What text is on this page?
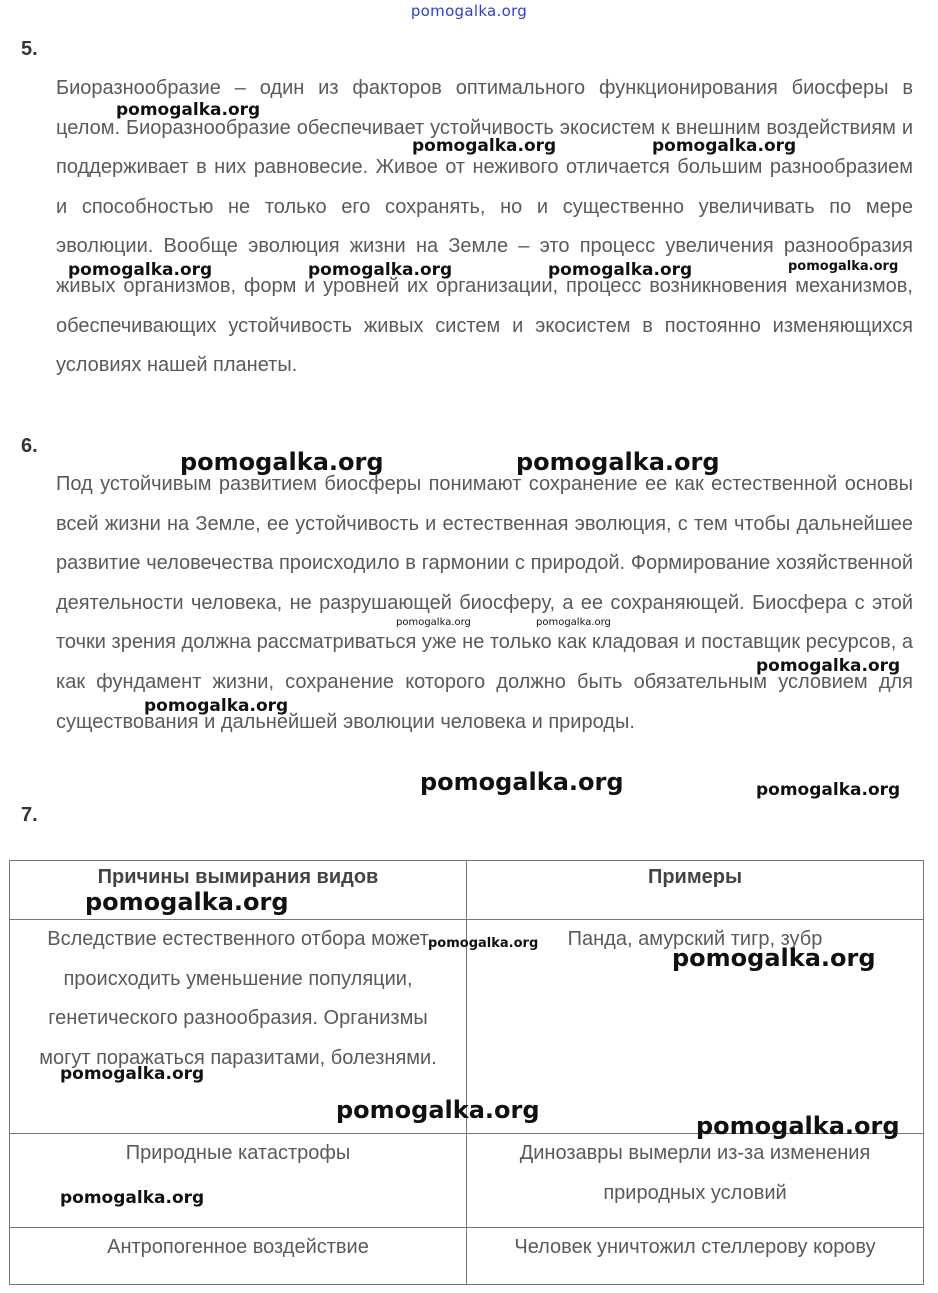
pomogalka.org
5.

Биоразнообразие – один из факторов оптимального функционирования биосферы в целом. Биоразнообразие обеспечивает устойчивость экосистем к внешним воздействиям и поддерживает в них равновесие. Живое от неживого отличается большим разнообразием и способностью не только его сохранять, но и существенно увеличивать по мере эволюции. Вообще эволюция жизни на Земле – это процесс увеличения разнообразия живых организмов, форм и уровней их организации, процесс возникновения механизмов, обеспечивающих устойчивость живых систем и экосистем в постоянно изменяющихся условиях нашей планеты.

6.

Под устойчивым развитием биосферы понимают сохранение ее как естественной основы всей жизни на Земле, ее устойчивость и естественная эволюция, с тем чтобы дальнейшее развитие человечества происходило в гармонии с природой. Формирование хозяйственной деятельности человека, не разрушающей биосферу, а ее сохраняющей. Биосфера с этой точки зрения должна рассматриваться уже не только как кладовая и поставщик ресурсов, а как фундамент жизни, сохранение которого должно быть обязательным условием для существования и дальнейшей эволюции человека и природы.

7.
Причины вымирания видов	Примеры
Вследствие естественного отбора может происходить уменьшение популяции, генетического разнообразия. Организмы могут поражаться паразитами, болезнями.	Панда, амурский тигр, зубр
Природные катастрофы	Динозавры вымерли из-за изменения природных условий
Антропогенное воздействие	Человек уничтожил стеллерову корову
pomogalka.org
pomogalka.org	pomogalka.org
pomogalka.org	pomogalka.org	pomogalka.org	pomogalka.org
pomogalka.org	pomogalka.org
pomogalka.org	pomogalka.org
pomogalka.org
pomogalka.org
pomogalka.org	pomogalka.org
pomogalka.org
pomogalka.org
pomogalka.org
pomogalka.org
pomogalka.org
pomogalka.org
pomogalka.org
